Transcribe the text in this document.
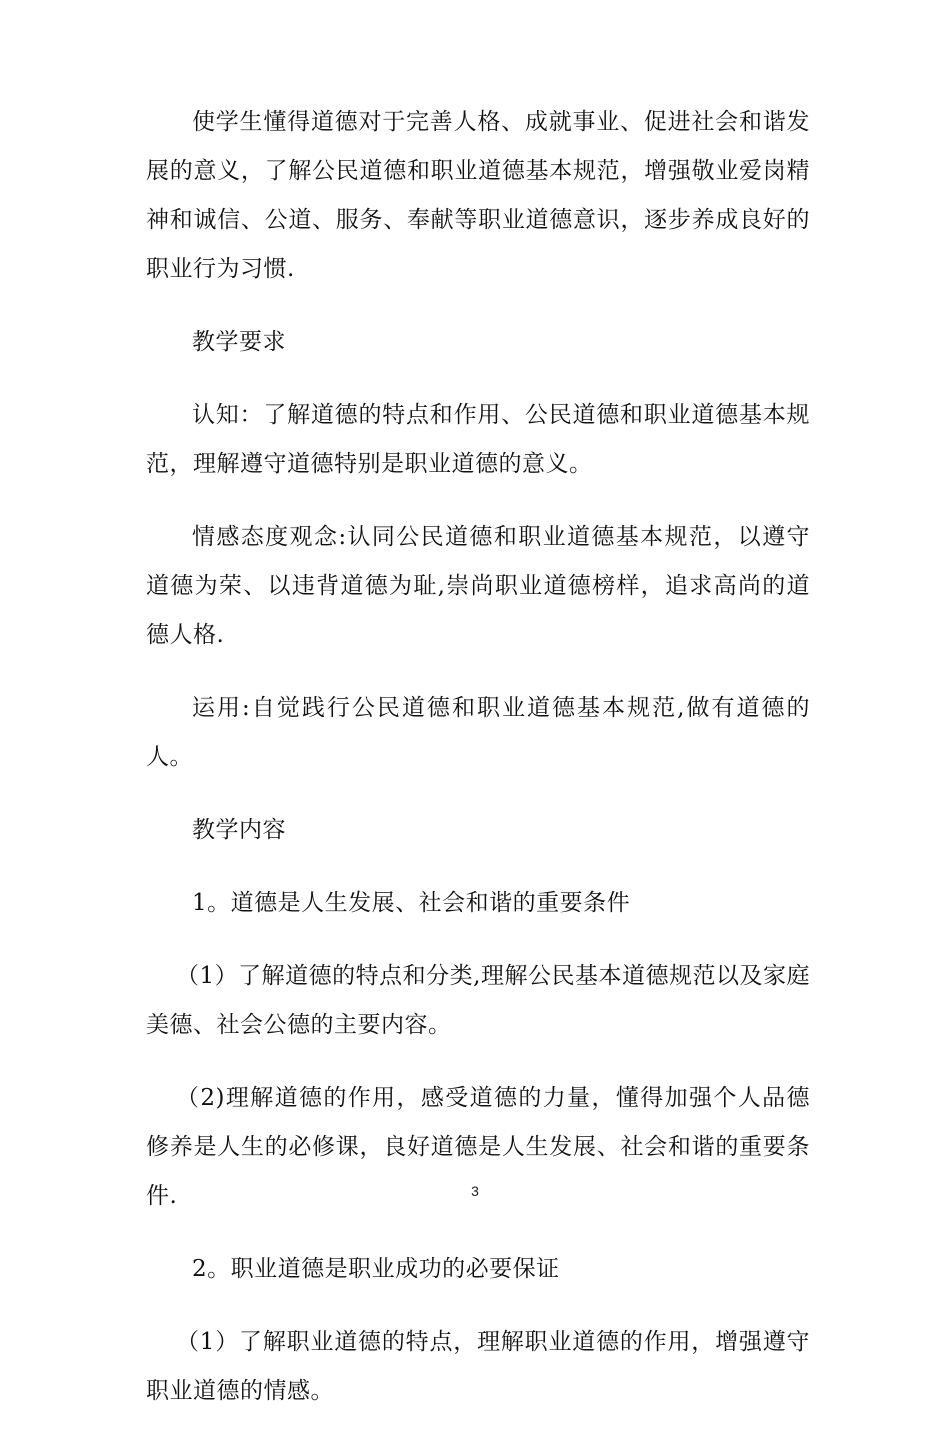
使学生懂得道德对于完善人格、成就事业、促进社会和谐发展的意义，了解公民道德和职业道德基本规范，增强敬业爱岗精神和诚信、公道、服务、奉献等职业道德意识，逐步养成良好的职业行为习惯.

教学要求

认知：了解道德的特点和作用、公民道德和职业道德基本规范，理解遵守道德特别是职业道德的意义。

情感态度观念:认同公民道德和职业道德基本规范，以遵守道德为荣、以违背道德为耻,崇尚职业道德榜样，追求高尚的道德人格.

运用:自觉践行公民道德和职业道德基本规范,做有道德的人。

教学内容

1。道德是人生发展、社会和谐的重要条件

（1）了解道德的特点和分类,理解公民基本道德规范以及家庭美德、社会公德的主要内容。

（2)理解道德的作用，感受道德的力量，懂得加强个人品德修养是人生的必修课，良好道德是人生发展、社会和谐的重要条件.

2。职业道德是职业成功的必要保证

（1）了解职业道德的特点，理解职业道德的作用，增强遵守职业道德的情感。

3
